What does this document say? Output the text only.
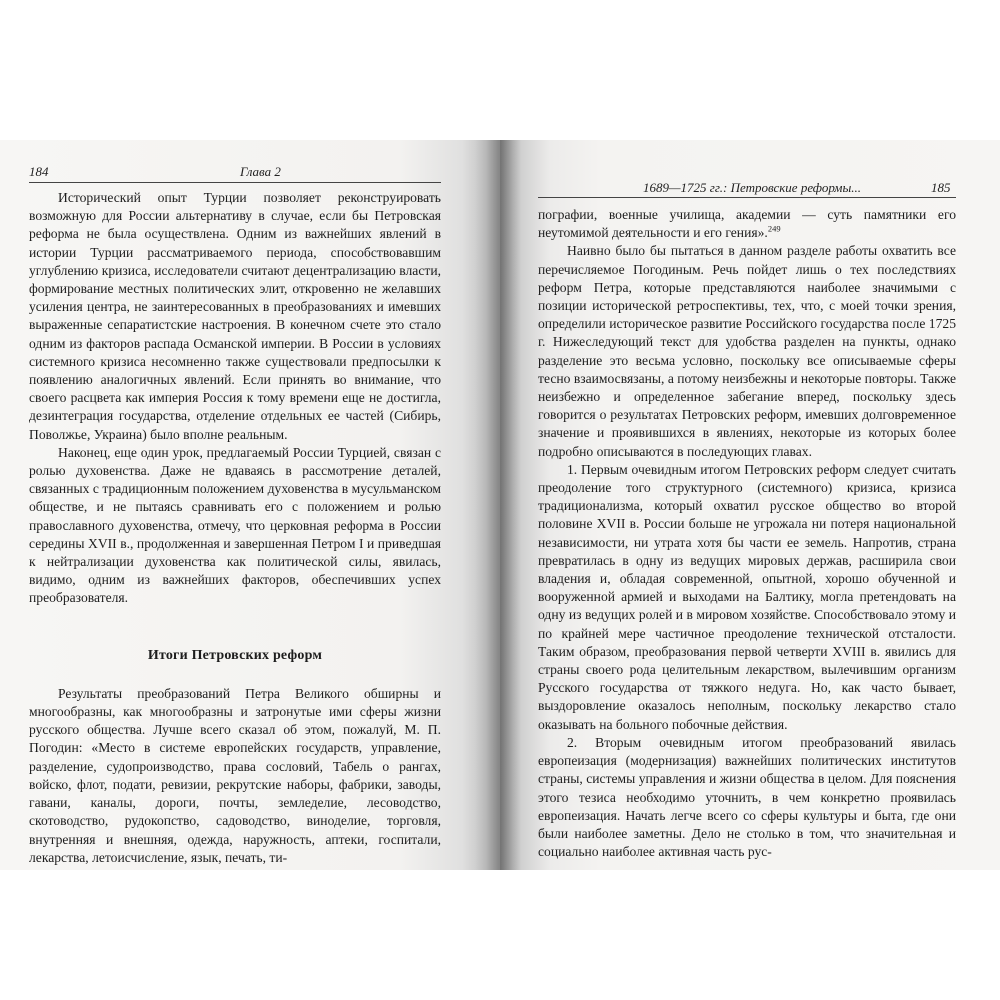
184	Глава 2
1689—1725 гг.: Петровские реформы...	185

Исторический опыт Турции позволяет реконструировать возможную для России альтернативу в случае, если бы Петровская реформа не была осуществлена. Одним из важнейших явлений в истории Турции рассматриваемого периода, способствовавшим углублению кризиса, исследователи считают децентрализацию власти, формирование местных политических элит, откровенно не желавших усиления центра, не заинтересованных в преобразованиях и имевших выраженные сепаратистские настроения. В конечном счете это стало одним из факторов распада Османской империи. В России в условиях системного кризиса несомненно также существовали предпосылки к появлению аналогичных явлений. Если принять во внимание, что своего расцвета как империя Россия к тому времени еще не достигла, дезинтеграция государства, отделение отдельных ее частей (Сибирь, Поволжье, Украина) было вполне реальным.

Наконец, еще один урок, предлагаемый России Турцией, связан с ролью духовенства. Даже не вдаваясь в рассмотрение деталей, связанных с традиционным положением духовенства в мусульманском обществе, и не пытаясь сравнивать его с положением и ролью православного духовенства, отмечу, что церковная реформа в России середины XVII в., продолженная и завершенная Петром I и приведшая к нейтрализации духовенства как политической силы, явилась, видимо, одним из важнейших факторов, обеспечивших успех преобразователя.

Итоги Петровских реформ

Результаты преобразований Петра Великого обширны и многообразны, как многообразны и затронутые ими сферы жизни русского общества. Лучше всего сказал об этом, пожалуй, М. П. Погодин: «Место в системе европейских государств, управление, разделение, судопроизводство, права сословий, Табель о рангах, войско, флот, подати, ревизии, рекрутские наборы, фабрики, заводы, гавани, каналы, дороги, почты, земледелие, лесоводство, скотоводство, рудокопство, садоводство, виноделие, торговля, внутренняя и внешняя, одежда, наружность, аптеки, госпитали, лекарства, летоисчисление, язык, печать, ти-

пографии, военные училища, академии — суть памятники его неутомимой деятельности и его гения».$^{249}$

Наивно было бы пытаться в данном разделе работы охватить все перечисляемое Погодиным. Речь пойдет лишь о тех последствиях реформ Петра, которые представляются наиболее значимыми с позиции исторической ретроспективы, тех, что, с моей точки зрения, определили историческое развитие Российского государства после 1725 г. Нижеследующий текст для удобства разделен на пункты, однако разделение это весьма условно, поскольку все описываемые сферы тесно взаимосвязаны, а потому неизбежны и некоторые повторы. Также неизбежно и определенное забегание вперед, поскольку здесь говорится о результатах Петровских реформ, имевших долговременное значение и проявившихся в явлениях, некоторые из которых более подробно описываются в последующих главах.

1. Первым очевидным итогом Петровских реформ следует считать преодоление того структурного (системного) кризиса, кризиса традиционализма, который охватил русское общество во второй половине XVII в. России больше не угрожала ни потеря национальной независимости, ни утрата хотя бы части ее земель. Напротив, страна превратилась в одну из ведущих мировых держав, расширила свои владения и, обладая современной, опытной, хорошо обученной и вооруженной армией и выходами на Балтику, могла претендовать на одну из ведущих ролей и в мировом хозяйстве. Способствовало этому и по крайней мере частичное преодоление технической отсталости. Таким образом, преобразования первой четверти XVIII в. явились для страны своего рода целительным лекарством, вылечившим организм Русского государства от тяжкого недуга. Но, как часто бывает, выздоровление оказалось неполным, поскольку лекарство стало оказывать на больного побочные действия.

2. Вторым очевидным итогом преобразований явилась европеизация (модернизация) важнейших политических институтов страны, системы управления и жизни общества в целом. Для пояснения этого тезиса необходимо уточнить, в чем конкретно проявилась европеизация. Начать легче всего со сферы культуры и быта, где они были наиболее заметны. Дело не столько в том, что значительная и социально наиболее активная часть рус-
